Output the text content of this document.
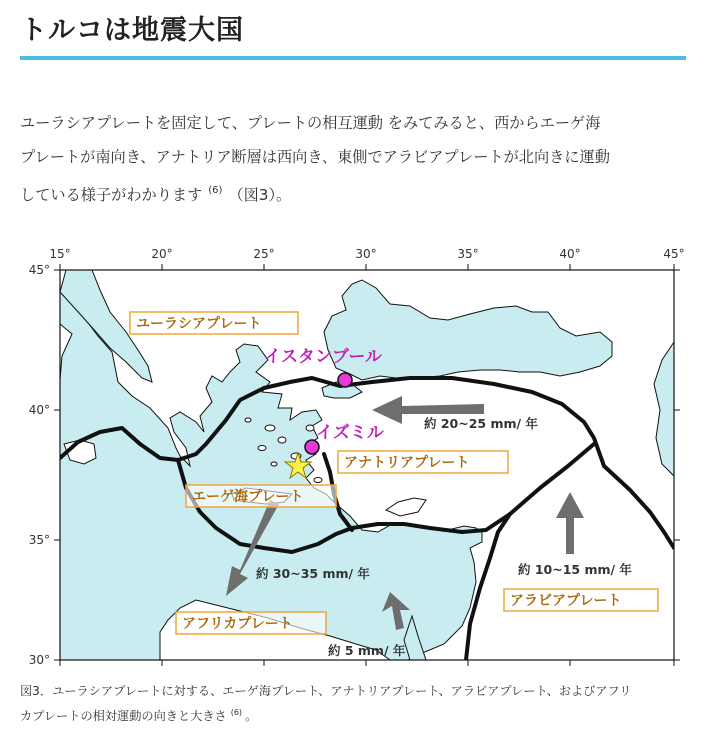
トルコは地震大国

ユーラシアプレートを固定して、プレートの相互運動 をみてみると、西からエーゲ海

プレートが南向き、アナトリア断層は西向き、東側でアラビアプレートが北向きに運動

している様子がわかります $^{(6)}$ （図3）。

15°	20°	25°	30°	35°	40°	45°
45°
40°
35°
30°
イスタンブール
イズミル
ユーラシアプレート
エーゲ海プレート
アナトリアプレート
アラビアプレート
アフリカプレート
約 20~25 mm/ 年
約 30~35 mm/ 年	約 10~15 mm/ 年
約 5 mm/ 年

図3．ユーラシアプレートに対する、エーゲ海プレート、アナトリアプレート、アラビアプレート、およびアフリ

カプレートの相対運動の向きと大きさ $^{(6)}$ 。
